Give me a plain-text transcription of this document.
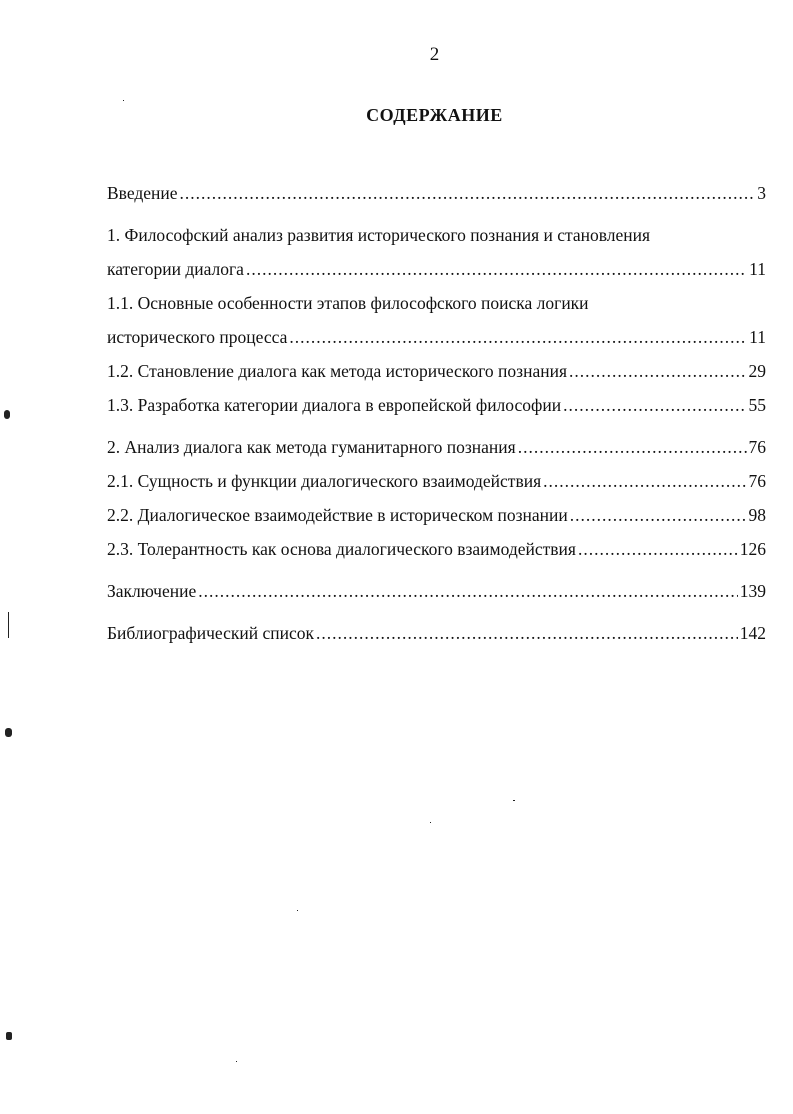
2
СОДЕРЖАНИЕ
Введение .....	3
1. Философский анализ развития исторического познания и становления
категории диалога .....	11
1.1. Основные особенности этапов философского поиска логики
исторического процесса .....	11
1.2. Становление диалога как метода исторического познания .....	29
1.3. Разработка категории диалога в европейской философии .....	55
2. Анализ диалога как метода гуманитарного познания .....	76
2.1. Сущность и функции диалогического взаимодействия .....	76
2.2. Диалогическое взаимодействие в историческом познании .....	98
2.3. Толерантность как основа диалогического взаимодействия .....	126
Заключение .....	139
Библиографический список .....	142
